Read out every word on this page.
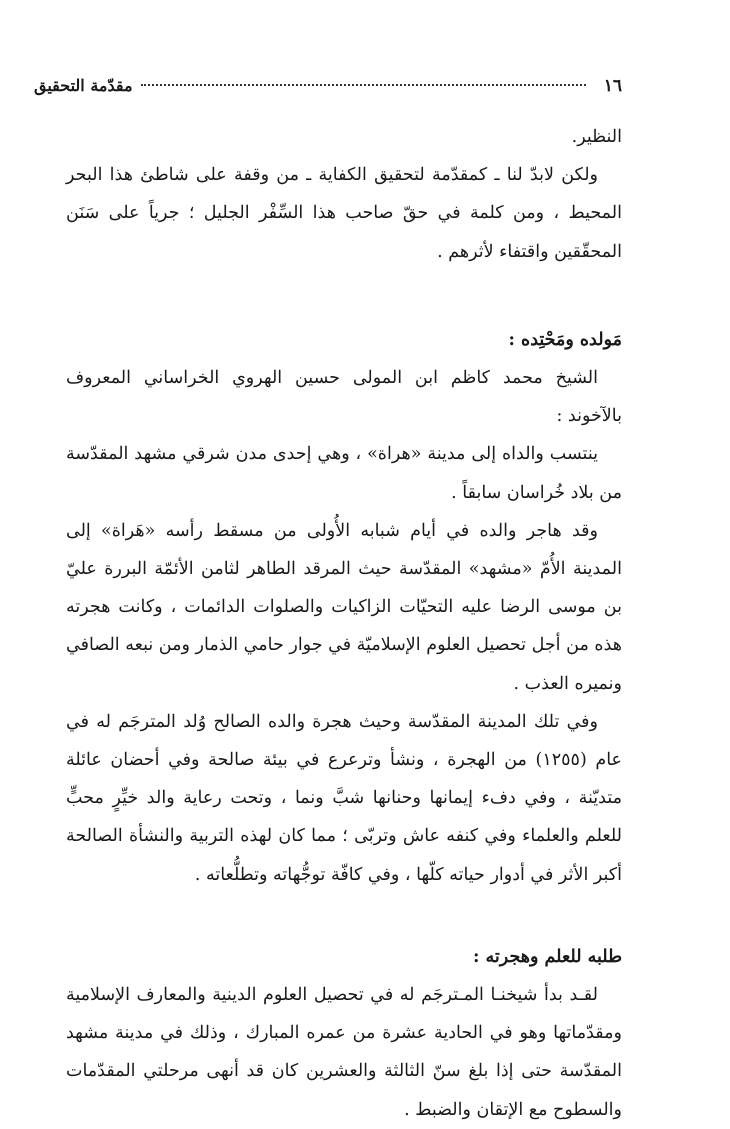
١٦
مقدّمة التحقيق

النظير.

ولكن لابدّ لنا ـ كمقدّمة لتحقيق الكفاية ـ من وقفة على شاطئ هذا البحر المحيط ، ومن كلمة في حقّ صاحب هذا السِّفْر الجليل ؛ جرياً على سَنَن المحقّقين واقتفاء لأثرهم .

مَولده ومَحْتِده :

الشيخ محمد كاظم ابن المولى حسين الهروي الخراساني المعروف بالآخوند :

ينتسب والداه إلى مدينة «هراة» ، وهي إحدى مدن شرقي مشهد المقدّسة من بلاد خُراسان سابقاً .

وقد هاجر والده في أيام شبابه الأُولى من مسقط رأسه «هَراة» إلى المدينة الأُمّ «مشهد» المقدّسة حيث المرقد الطاهر لثامن الأئمّة البررة عليّ بن موسى الرضا عليه التحيّات الزاكيات والصلوات الدائمات ، وكانت هجرته هذه من أجل تحصيل العلوم الإسلاميّة في جوار حامي الذمار ومن نبعه الصافي ونميره العذب .

وفي تلك المدينة المقدّسة وحيث هجرة والده الصالح وُلد المترجَم له في عام (١٢٥٥) من الهجرة ، ونشأ وترعرع في بيئة صالحة وفي أحضان عائلة متديّنة ، وفي دفء إيمانها وحنانها شبَّ ونما ، وتحت رعاية والد خيِّرٍ محبٍّ للعلم والعلماء وفي كنفه عاش وتربّى ؛ مما كان لهذه التربية والنشأة الصالحة أكبر الأثر في أدوار حياته كلّها ، وفي كافّة توجُّهاته وتطلُّعاته .

طلبه للعلم وهجرته :

لقـد بدأ شيخنـا المـترجَم له في تحصيل العلوم الدينية والمعارف الإسلامية ومقدّماتها وهو في الحادية عشرة من عمره المبارك ، وذلك في مدينة مشهد المقدّسة حتى إذا بلغ سنّ الثالثة والعشرين كان قد أنهى مرحلتي المقدّمات والسطوح مع الإتقان والضبط .
